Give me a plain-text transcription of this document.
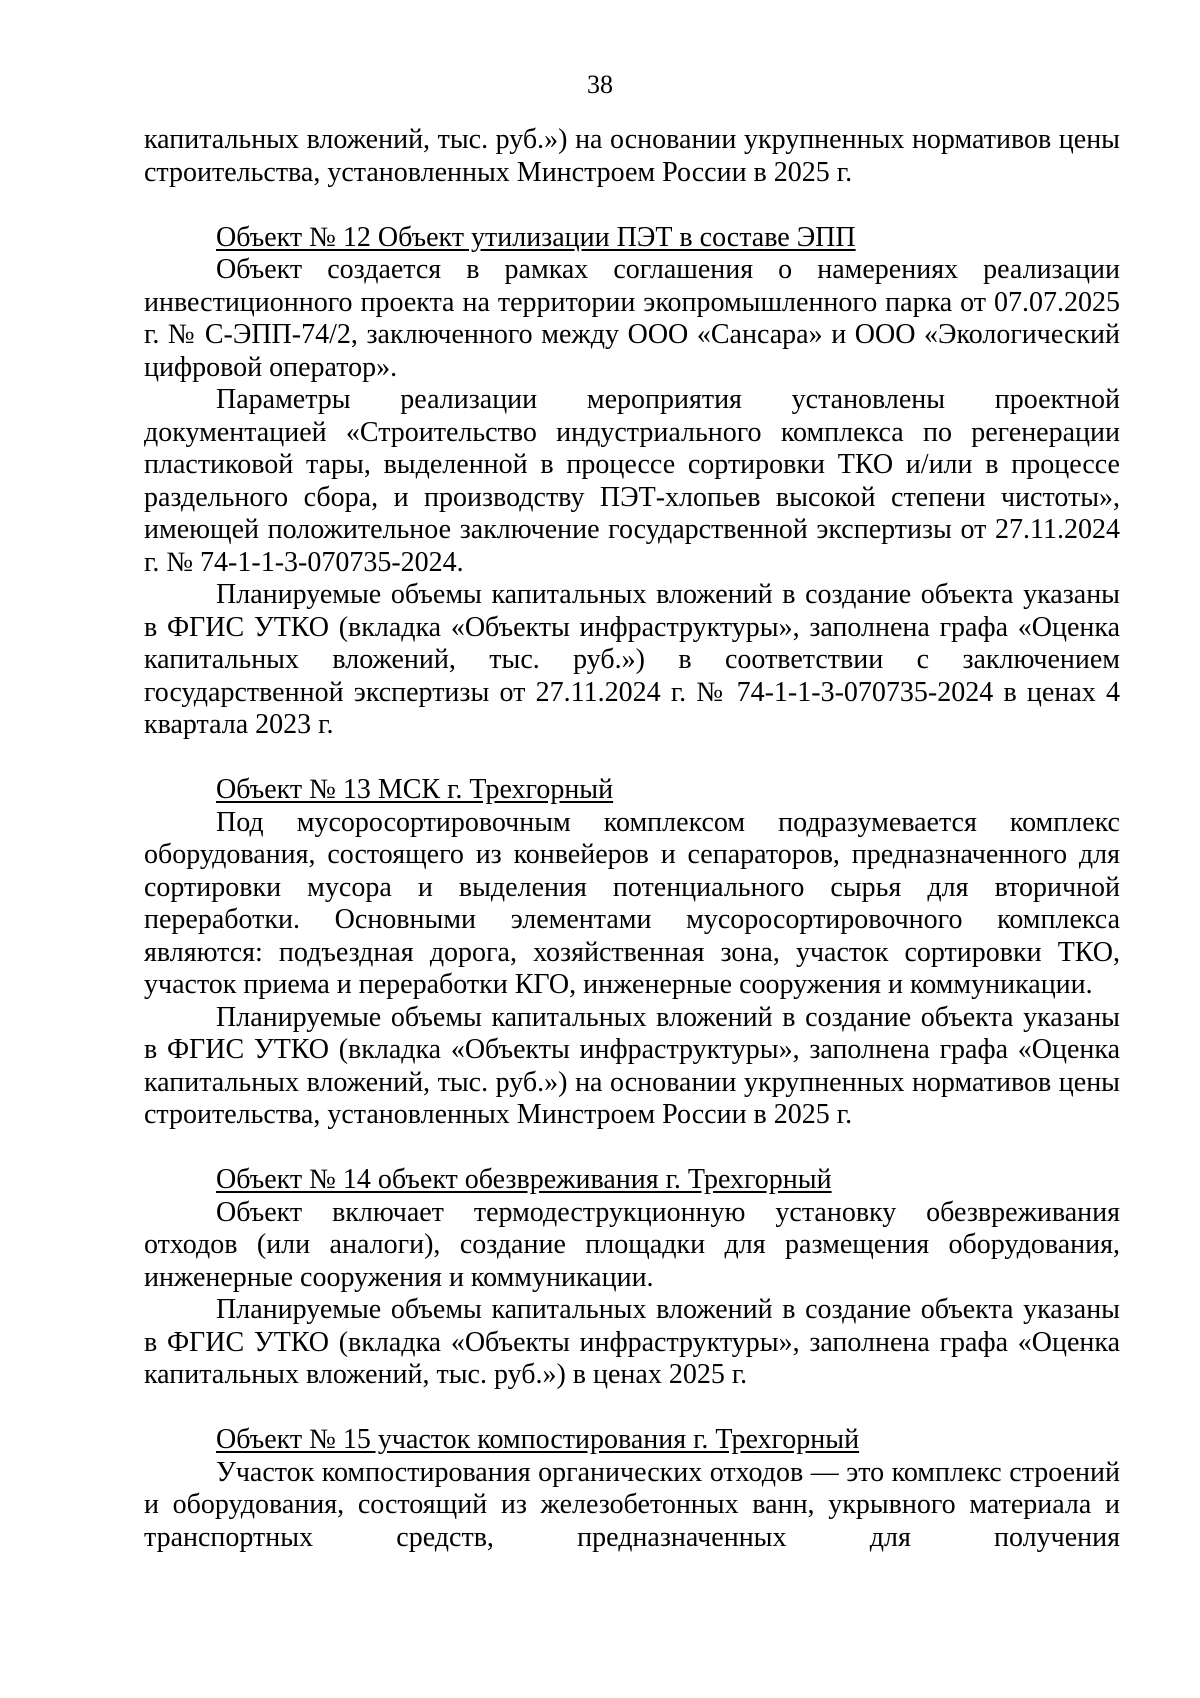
38

капитальных вложений, тыс. руб.») на основании укрупненных нормативов цены строительства, установленных Минстроем России в 2025 г.

Объект № 12 Объект утилизации ПЭТ в составе ЭПП

Объект создается в рамках соглашения о намерениях реализации инвестиционного проекта на территории экопромышленного парка от 07.07.2025 г. № С-ЭПП-74/2, заключенного между ООО «Сансара» и ООО «Экологический цифровой оператор».

Параметры реализации мероприятия установлены проектной документацией «Строительство индустриального комплекса по регенерации пластиковой тары, выделенной в процессе сортировки ТКО и/или в процессе раздельного сбора, и производству ПЭТ-хлопьев высокой степени чистоты», имеющей положительное заключение государственной экспертизы от 27.11.2024 г. № 74-1-1-3-070735-2024.

Планируемые объемы капитальных вложений в создание объекта указаны в ФГИС УТКО (вкладка «Объекты инфраструктуры», заполнена графа «Оценка капитальных вложений, тыс. руб.») в соответствии с заключением государственной экспертизы от 27.11.2024 г. № 74-1-1-3-070735-2024 в ценах 4 квартала 2023 г.

Объект № 13 МСК г. Трехгорный

Под мусоросортировочным комплексом подразумевается комплекс оборудования, состоящего из конвейеров и сепараторов, предназначенного для сортировки мусора и выделения потенциального сырья для вторичной переработки. Основными элементами мусоросортировочного комплекса являются: подъездная дорога, хозяйственная зона, участок сортировки ТКО, участок приема и переработки КГО, инженерные сооружения и коммуникации.

Планируемые объемы капитальных вложений в создание объекта указаны в ФГИС УТКО (вкладка «Объекты инфраструктуры», заполнена графа «Оценка капитальных вложений, тыс. руб.») на основании укрупненных нормативов цены строительства, установленных Минстроем России в 2025 г.

Объект № 14 объект обезвреживания г. Трехгорный

Объект включает термодеструкционную установку обезвреживания отходов (или аналоги), создание площадки для размещения оборудования, инженерные сооружения и коммуникации.

Планируемые объемы капитальных вложений в создание объекта указаны в ФГИС УТКО (вкладка «Объекты инфраструктуры», заполнена графа «Оценка капитальных вложений, тыс. руб.») в ценах 2025 г.

Объект № 15 участок компостирования г. Трехгорный

Участок компостирования органических отходов — это комплекс строений и оборудования, состоящий из железобетонных ванн, укрывного материала и транспортных средств, предназначенных для получения
